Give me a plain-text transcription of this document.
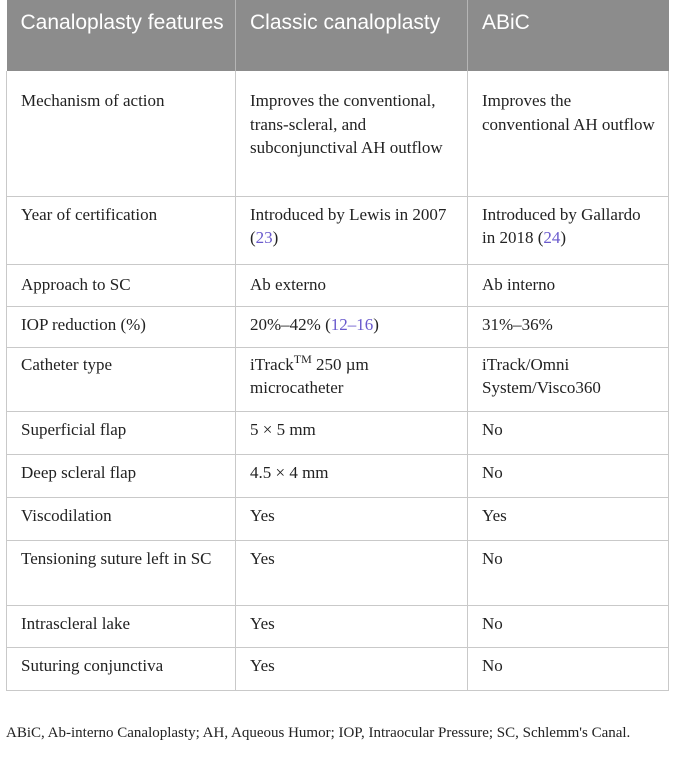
Canaloplasty features	Classic canaloplasty	ABiC
Mechanism of action	Improves the conventional, trans-scleral, and subconjunctival AH outflow	Improves the conventional AH outflow
Year of certification	Introduced by Lewis in 2007 (23)	Introduced by Gallardo in 2018 (24)
Approach to SC	Ab externo	Ab interno
IOP reduction (%)	20%–42% (12–16)	31%–36%
Catheter type	iTrack™ 250 µm microcatheter	iTrack/Omni System/Visco360
Superficial flap	5 × 5 mm	No
Deep scleral flap	4.5 × 4 mm	No
Viscodilation	Yes	Yes
Tensioning suture left in SC	Yes	No
Intrascleral lake	Yes	No
Suturing conjunctiva	Yes	No

ABiC, Ab-interno Canaloplasty; AH, Aqueous Humor; IOP, Intraocular Pressure; SC, Schlemm's Canal.
